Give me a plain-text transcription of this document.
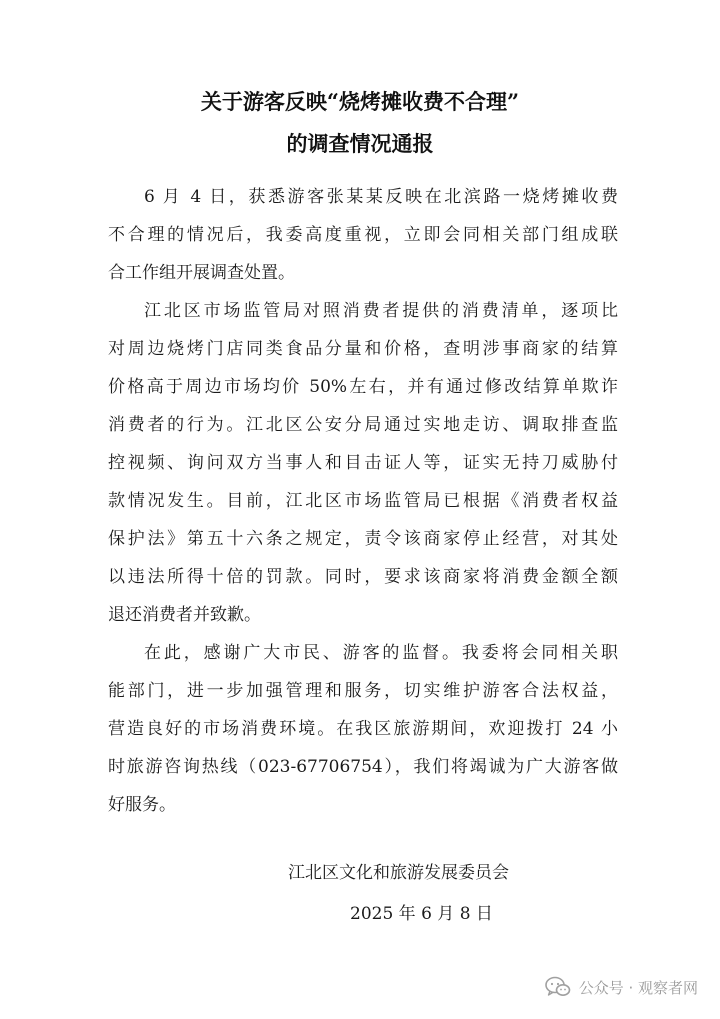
关于游客反映“烧烤摊收费不合理”
的调查情况通报
6 月 4 日，获悉游客张某某反映在北滨路一烧烤摊收费
不合理的情况后，我委高度重视，立即会同相关部门组成联
合工作组开展调查处置。
江北区市场监管局对照消费者提供的消费清单，逐项比
对周边烧烤门店同类食品分量和价格，查明涉事商家的结算
价格高于周边市场均价 50%左右，并有通过修改结算单欺诈
消费者的行为。江北区公安分局通过实地走访、调取排查监
控视频、询问双方当事人和目击证人等，证实无持刀威胁付
款情况发生。目前，江北区市场监管局已根据《消费者权益
保护法》第五十六条之规定，责令该商家停止经营，对其处
以违法所得十倍的罚款。同时，要求该商家将消费金额全额
退还消费者并致歉。
在此，感谢广大市民、游客的监督。我委将会同相关职
能部门，进一步加强管理和服务，切实维护游客合法权益，
营造良好的市场消费环境。在我区旅游期间，欢迎拨打 24 小
时旅游咨询热线（023-67706754），我们将竭诚为广大游客做
好服务。
江北区文化和旅游发展委员会
2025 年 6 月 8 日
公众号 · 观察者网
